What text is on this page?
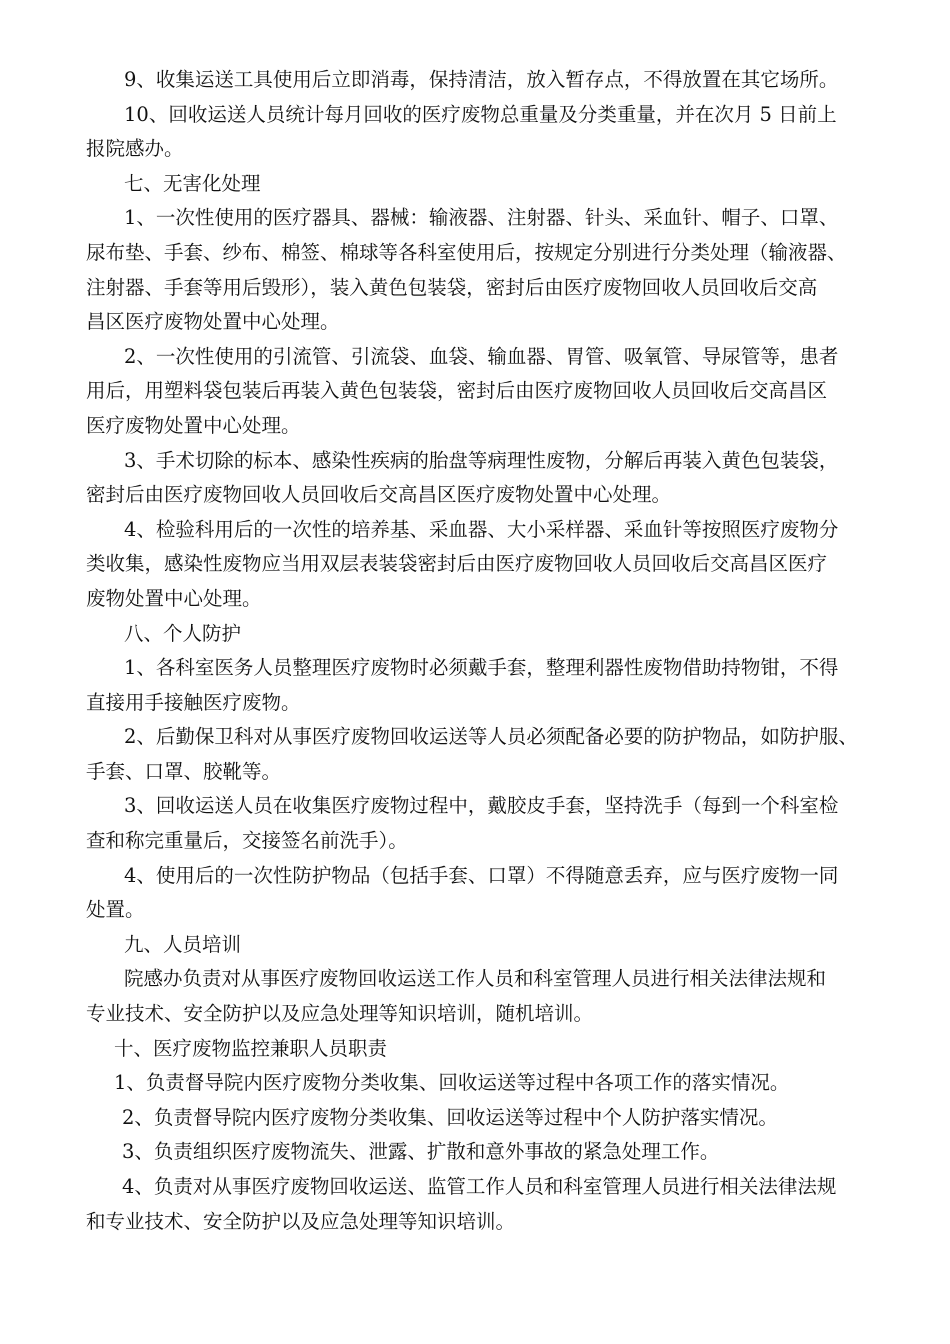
9、收集运送工具使用后立即消毒，保持清洁，放入暂存点，不得放置在其它场所。
10、回收运送人员统计每月回收的医疗废物总重量及分类重量，并在次月 5 日前上
报院感办。
七、无害化处理
1、一次性使用的医疗器具、器械：输液器、注射器、针头、采血针、帽子、口罩、
尿布垫、手套、纱布、棉签、棉球等各科室使用后，按规定分别进行分类处理（输液器、
注射器、手套等用后毁形），装入黄色包装袋，密封后由医疗废物回收人员回收后交高
昌区医疗废物处置中心处理。
2、一次性使用的引流管、引流袋、血袋、输血器、胃管、吸氧管、导尿管等，患者
用后，用塑料袋包装后再装入黄色包装袋，密封后由医疗废物回收人员回收后交高昌区
医疗废物处置中心处理。
3、手术切除的标本、感染性疾病的胎盘等病理性废物，分解后再装入黄色包装袋，
密封后由医疗废物回收人员回收后交高昌区医疗废物处置中心处理。
4、检验科用后的一次性的培养基、采血器、大小采样器、采血针等按照医疗废物分
类收集，感染性废物应当用双层表装袋密封后由医疗废物回收人员回收后交高昌区医疗
废物处置中心处理。
八、个人防护
1、各科室医务人员整理医疗废物时必须戴手套，整理利器性废物借助持物钳，不得
直接用手接触医疗废物。
2、后勤保卫科对从事医疗废物回收运送等人员必须配备必要的防护物品，如防护服、
手套、口罩、胶靴等。
3、回收运送人员在收集医疗废物过程中，戴胶皮手套，坚持洗手（每到一个科室检
查和称完重量后，交接签名前洗手）。
4、使用后的一次性防护物品（包括手套、口罩）不得随意丢弃，应与医疗废物一同
处置。
九、人员培训
院感办负责对从事医疗废物回收运送工作人员和科室管理人员进行相关法律法规和
专业技术、安全防护以及应急处理等知识培训，随机培训。
十、医疗废物监控兼职人员职责
1、负责督导院内医疗废物分类收集、回收运送等过程中各项工作的落实情况。
2、负责督导院内医疗废物分类收集、回收运送等过程中个人防护落实情况。
3、负责组织医疗废物流失、泄露、扩散和意外事故的紧急处理工作。
4、负责对从事医疗废物回收运送、监管工作人员和科室管理人员进行相关法律法规
和专业技术、安全防护以及应急处理等知识培训。
